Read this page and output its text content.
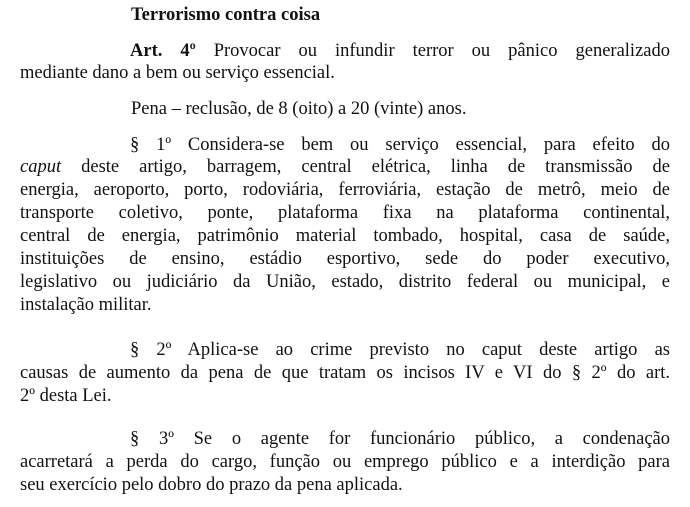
Terrorismo contra coisa
Art. 4º Provocar ou infundir terror ou pânico generalizado
mediante dano a bem ou serviço essencial.
Pena – reclusão, de 8 (oito) a 20 (vinte) anos.
§ 1º Considera-se bem ou serviço essencial, para efeito do
caput deste artigo, barragem, central elétrica, linha de transmissão de
energia, aeroporto, porto, rodoviária, ferroviária, estação de metrô, meio de
transporte coletivo, ponte, plataforma fixa na plataforma continental,
central de energia, patrimônio material tombado, hospital, casa de saúde,
instituições de ensino, estádio esportivo, sede do poder executivo,
legislativo ou judiciário da União, estado, distrito federal ou municipal, e
instalação militar.
§ 2º Aplica-se ao crime previsto no caput deste artigo as
causas de aumento da pena de que tratam os incisos IV e VI do § 2º do art.
2º desta Lei.
§ 3º Se o agente for funcionário público, a condenação
acarretará a perda do cargo, função ou emprego público e a interdição para
seu exercício pelo dobro do prazo da pena aplicada.
